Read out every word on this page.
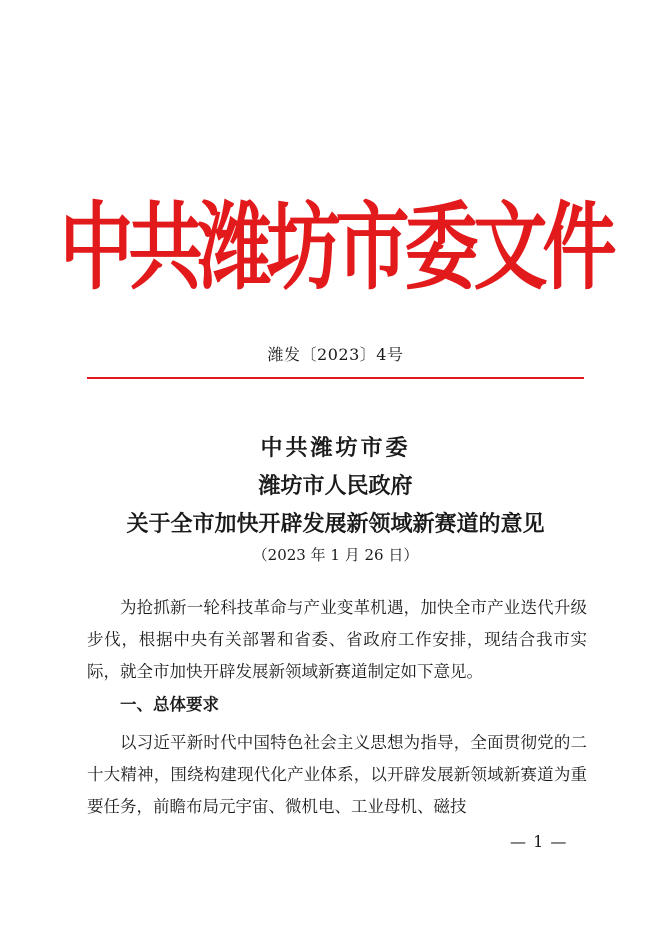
中共潍坊市委文件
潍发〔2023〕4号
中共潍坊市委
潍坊市人民政府
关于全市加快开辟发展新领域新赛道的意见
（2023 年 1 月 26 日）
为抢抓新一轮科技革命与产业变革机遇，加快全市产业迭代升级步伐，根据中央有关部署和省委、省政府工作安排，现结合我市实际，就全市加快开辟发展新领域新赛道制定如下意见。
一、总体要求
以习近平新时代中国特色社会主义思想为指导，全面贯彻党的二十大精神，围绕构建现代化产业体系，以开辟发展新领域新赛道为重要任务，前瞻布局元宇宙、微机电、工业母机、磁技
— 1 —
